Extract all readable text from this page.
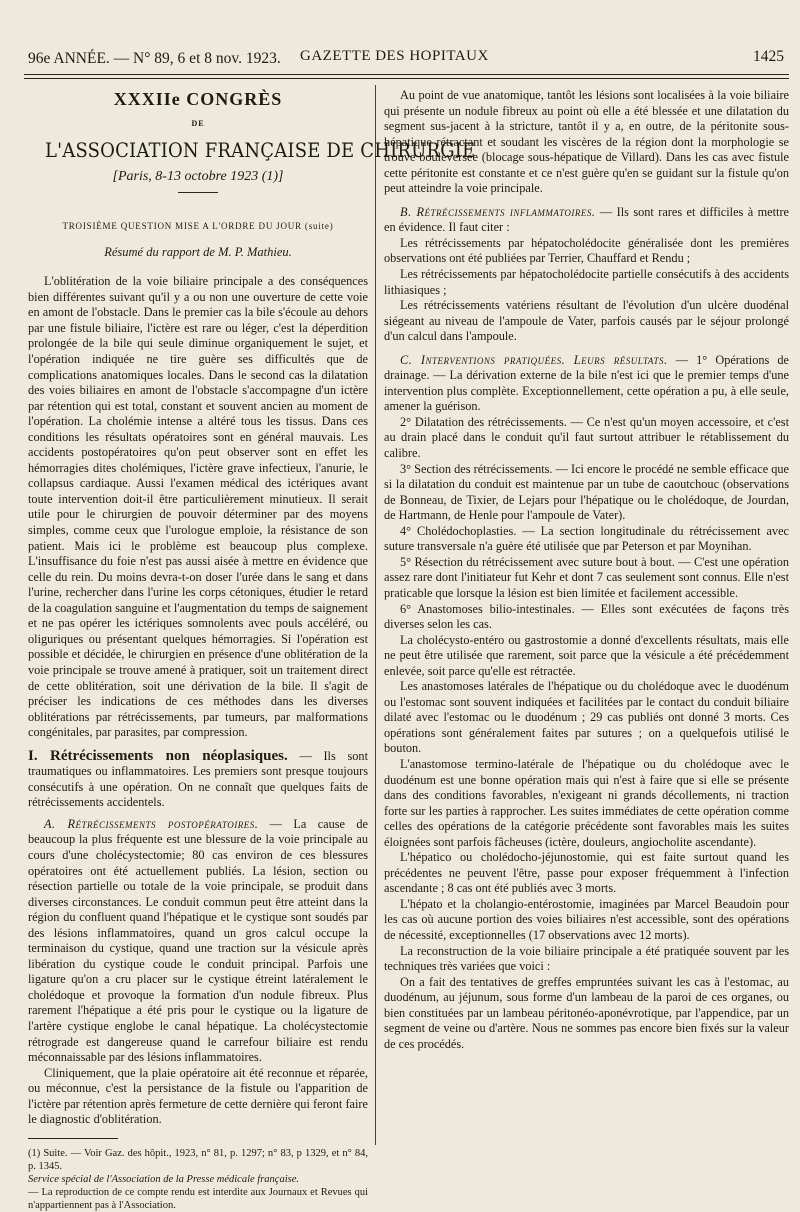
96e ANNÉE. — N° 89, 6 et 8 nov. 1923. GAZETTE DES HOPITAUX	1425
XXXIIe CONGRÈS
DE
L'ASSOCIATION FRANÇAISE DE CHIRURGIE
[Paris, 8-13 octobre 1923 (1)]
TROISIÈME QUESTION MISE A L'ORDRE DU JOUR (suite)
Résumé du rapport de M. P. Mathieu.

L'oblitération de la voie biliaire principale a des conséquences bien différentes suivant qu'il y a ou non une ouverture de cette voie en amont de l'obstacle. Dans le premier cas la bile s'écoule au dehors par une fistule biliaire, l'ictère est rare ou léger, c'est la déperdition prolongée de la bile qui seule diminue organiquement le sujet, et l'opération indiquée ne tire guère ses difficultés que de complications anatomiques locales. Dans le second cas la dilatation des voies biliaires en amont de l'obstacle s'accompagne d'un ictère par rétention qui est total, constant et souvent ancien au moment de l'opération. La cholémie intense a altéré tous les tissus. Dans ces conditions les résultats opératoires sont en général mauvais. Les accidents postopératoires qu'on peut observer sont en effet les hémorragies dites cholémiques, l'ictère grave infectieux, l'anurie, le collapsus cardiaque. Aussi l'examen médical des ictériques avant toute intervention doit-il être particulièrement minutieux. Il serait utile pour le chirurgien de pouvoir déterminer par des moyens simples, comme ceux que l'urologue emploie, la résistance de son patient. Mais ici le problème est beaucoup plus complexe. L'insuffisance du foie n'est pas aussi aisée à mettre en évidence que celle du rein. Du moins devra-t-on doser l'urée dans le sang et dans l'urine, rechercher dans l'urine les corps cétoniques, étudier le retard de la coagulation sanguine et l'augmentation du temps de saignement et ne pas opérer les ictériques somnolents avec pouls accéléré, ou oliguriques ou présentant quelques hémorragies. Si l'opération est possible et décidée, le chirurgien en présence d'une oblitération de la voie principale se trouve amené à pratiquer, soit un traitement direct de cette oblitération, soit une dérivation de la bile. Il s'agit de préciser les indications de ces méthodes dans les diverses oblitérations par rétrécissements, par tumeurs, par malformations congénitales, par parasites, par compression.

I. Rétrécissements non néoplasiques. — Ils sont traumatiques ou inflammatoires. Les premiers sont presque toujours consécutifs à une opération. On ne connaît que quelques faits de rétrécissements accidentels.

A. Rétrécissements postopératoires. — La cause de beaucoup la plus fréquente est une blessure de la voie principale au cours d'une cholécystectomie; 80 cas environ de ces blessures opératoires ont été actuellement publiés. La lésion, section ou résection partielle ou totale de la voie principale, se produit dans diverses circonstances. Le conduit commun peut être atteint dans la région du confluent quand l'hépatique et le cystique sont soudés par des lésions inflammatoires, quand un gros calcul occupe la terminaison du cystique, quand une traction sur la vésicule après libération du cystique coude le conduit principal. Parfois une ligature qu'on a cru placer sur le cystique étreint latéralement le cholédoque et provoque la formation d'un nodule fibreux. Plus rarement l'hépatique a été pris pour le cystique ou la ligature de l'artère cystique englobe le canal hépatique. La cholécystectomie rétrograde est dangereuse quand le carrefour biliaire est rendu méconnaissable par des lésions inflammatoires.

Cliniquement, que la plaie opératoire ait été reconnue et réparée, ou méconnue, c'est la persistance de la fistule ou l'apparition de l'ictère par rétention après fermeture de cette dernière qui feront faire le diagnostic d'oblitération.

(1) Suite. — Voir Gaz. des hôpit., 1923, n° 81, p. 1297; n° 83, p 1329, et n° 84, p. 1345.

Service spécial de l'Association de la Presse médicale française.

— La reproduction de ce compte rendu est interdite aux Journaux et Revues qui n'appartiennent pas à l'Association.

Au point de vue anatomique, tantôt les lésions sont localisées à la voie biliaire qui présente un nodule fibreux au point où elle a été blessée et une dilatation du segment sus-jacent à la stricture, tantôt il y a, en outre, de la péritonite sous-hépatique rétractant et soudant les viscères de la région dont la morphologie se trouve bouleversée (blocage sous-hépatique de Villard). Dans les cas avec fistule cette péritonite est constante et ce n'est guère qu'en se guidant sur la fistule qu'on peut atteindre la voie principale.

B. Rétrécissements inflammatoires. — Ils sont rares et difficiles à mettre en évidence. Il faut citer :

Les rétrécissements par hépatocholédocite généralisée dont les premières observations ont été publiées par Terrier, Chauffard et Rendu ;

Les rétrécissements par hépatocholédocite partielle consécutifs à des accidents lithiasiques ;

Les rétrécissements vatériens résultant de l'évolution d'un ulcère duodénal siégeant au niveau de l'ampoule de Vater, parfois causés par le séjour prolongé d'un calcul dans l'ampoule.

C. Interventions pratiquées. Leurs résultats. — 1° Opérations de drainage. — La dérivation externe de la bile n'est ici que le premier temps d'une intervention plus complète. Exceptionnellement, cette opération a pu, à elle seule, amener la guérison.

2° Dilatation des rétrécissements. — Ce n'est qu'un moyen accessoire, et c'est au drain placé dans le conduit qu'il faut surtout attribuer le rétablissement du calibre.

3° Section des rétrécissements. — Ici encore le procédé ne semble efficace que si la dilatation du conduit est maintenue par un tube de caoutchouc (observations de Bonneau, de Tixier, de Lejars pour l'hépatique ou le cholédoque, de Jourdan, de Hartmann, de Henle pour l'ampoule de Vater).

4° Cholédochoplasties. — La section longitudinale du rétrécissement avec suture transversale n'a guère été utilisée que par Peterson et par Moynihan.

5° Résection du rétrécissement avec suture bout à bout. — C'est une opération assez rare dont l'initiateur fut Kehr et dont 7 cas seulement sont connus. Elle n'est praticable que lorsque la lésion est bien limitée et facilement accessible.

6° Anastomoses bilio-intestinales. — Elles sont exécutées de façons très diverses selon les cas.

La cholécysto-entéro ou gastrostomie a donné d'excellents résultats, mais elle ne peut être utilisée que rarement, soit parce que la vésicule a été précédemment enlevée, soit parce qu'elle est rétractée.

Les anastomoses latérales de l'hépatique ou du cholédoque avec le duodénum ou l'estomac sont souvent indiquées et facilitées par le contact du conduit biliaire dilaté avec l'estomac ou le duodénum ; 29 cas publiés ont donné 3 morts. Ces opérations sont généralement faites par sutures ; on a quelquefois utilisé le bouton.

L'anastomose termino-latérale de l'hépatique ou du cholédoque avec le duodénum est une bonne opération mais qui n'est à faire que si elle se présente dans des conditions favorables, n'exigeant ni grands décollements, ni traction forte sur les parties à rapprocher. Les suites immédiates de cette opération comme celles des opérations de la catégorie précédente sont favorables mais les suites éloignées sont parfois fâcheuses (ictère, douleurs, angiocholite ascendante).

L'hépatico ou cholédocho-jéjunostomie, qui est faite surtout quand les précédentes ne peuvent l'être, passe pour exposer fréquemment à l'infection ascendante ; 8 cas ont été publiés avec 3 morts.

L'hépato et la cholangio-entérostomie, imaginées par Marcel Beaudoin pour les cas où aucune portion des voies biliaires n'est accessible, sont des opérations de nécessité, exceptionnelles (17 observations avec 12 morts).

La reconstruction de la voie biliaire principale a été pratiquée souvent par les techniques très variées que voici :

On a fait des tentatives de greffes empruntées suivant les cas à l'estomac, au duodénum, au jéjunum, sous forme d'un lambeau de la paroi de ces organes, ou bien constituées par un lambeau péritonéo-aponévrotique, par l'appendice, par un segment de veine ou d'artère. Nous ne sommes pas encore bien fixés sur la valeur de ces procédés.
